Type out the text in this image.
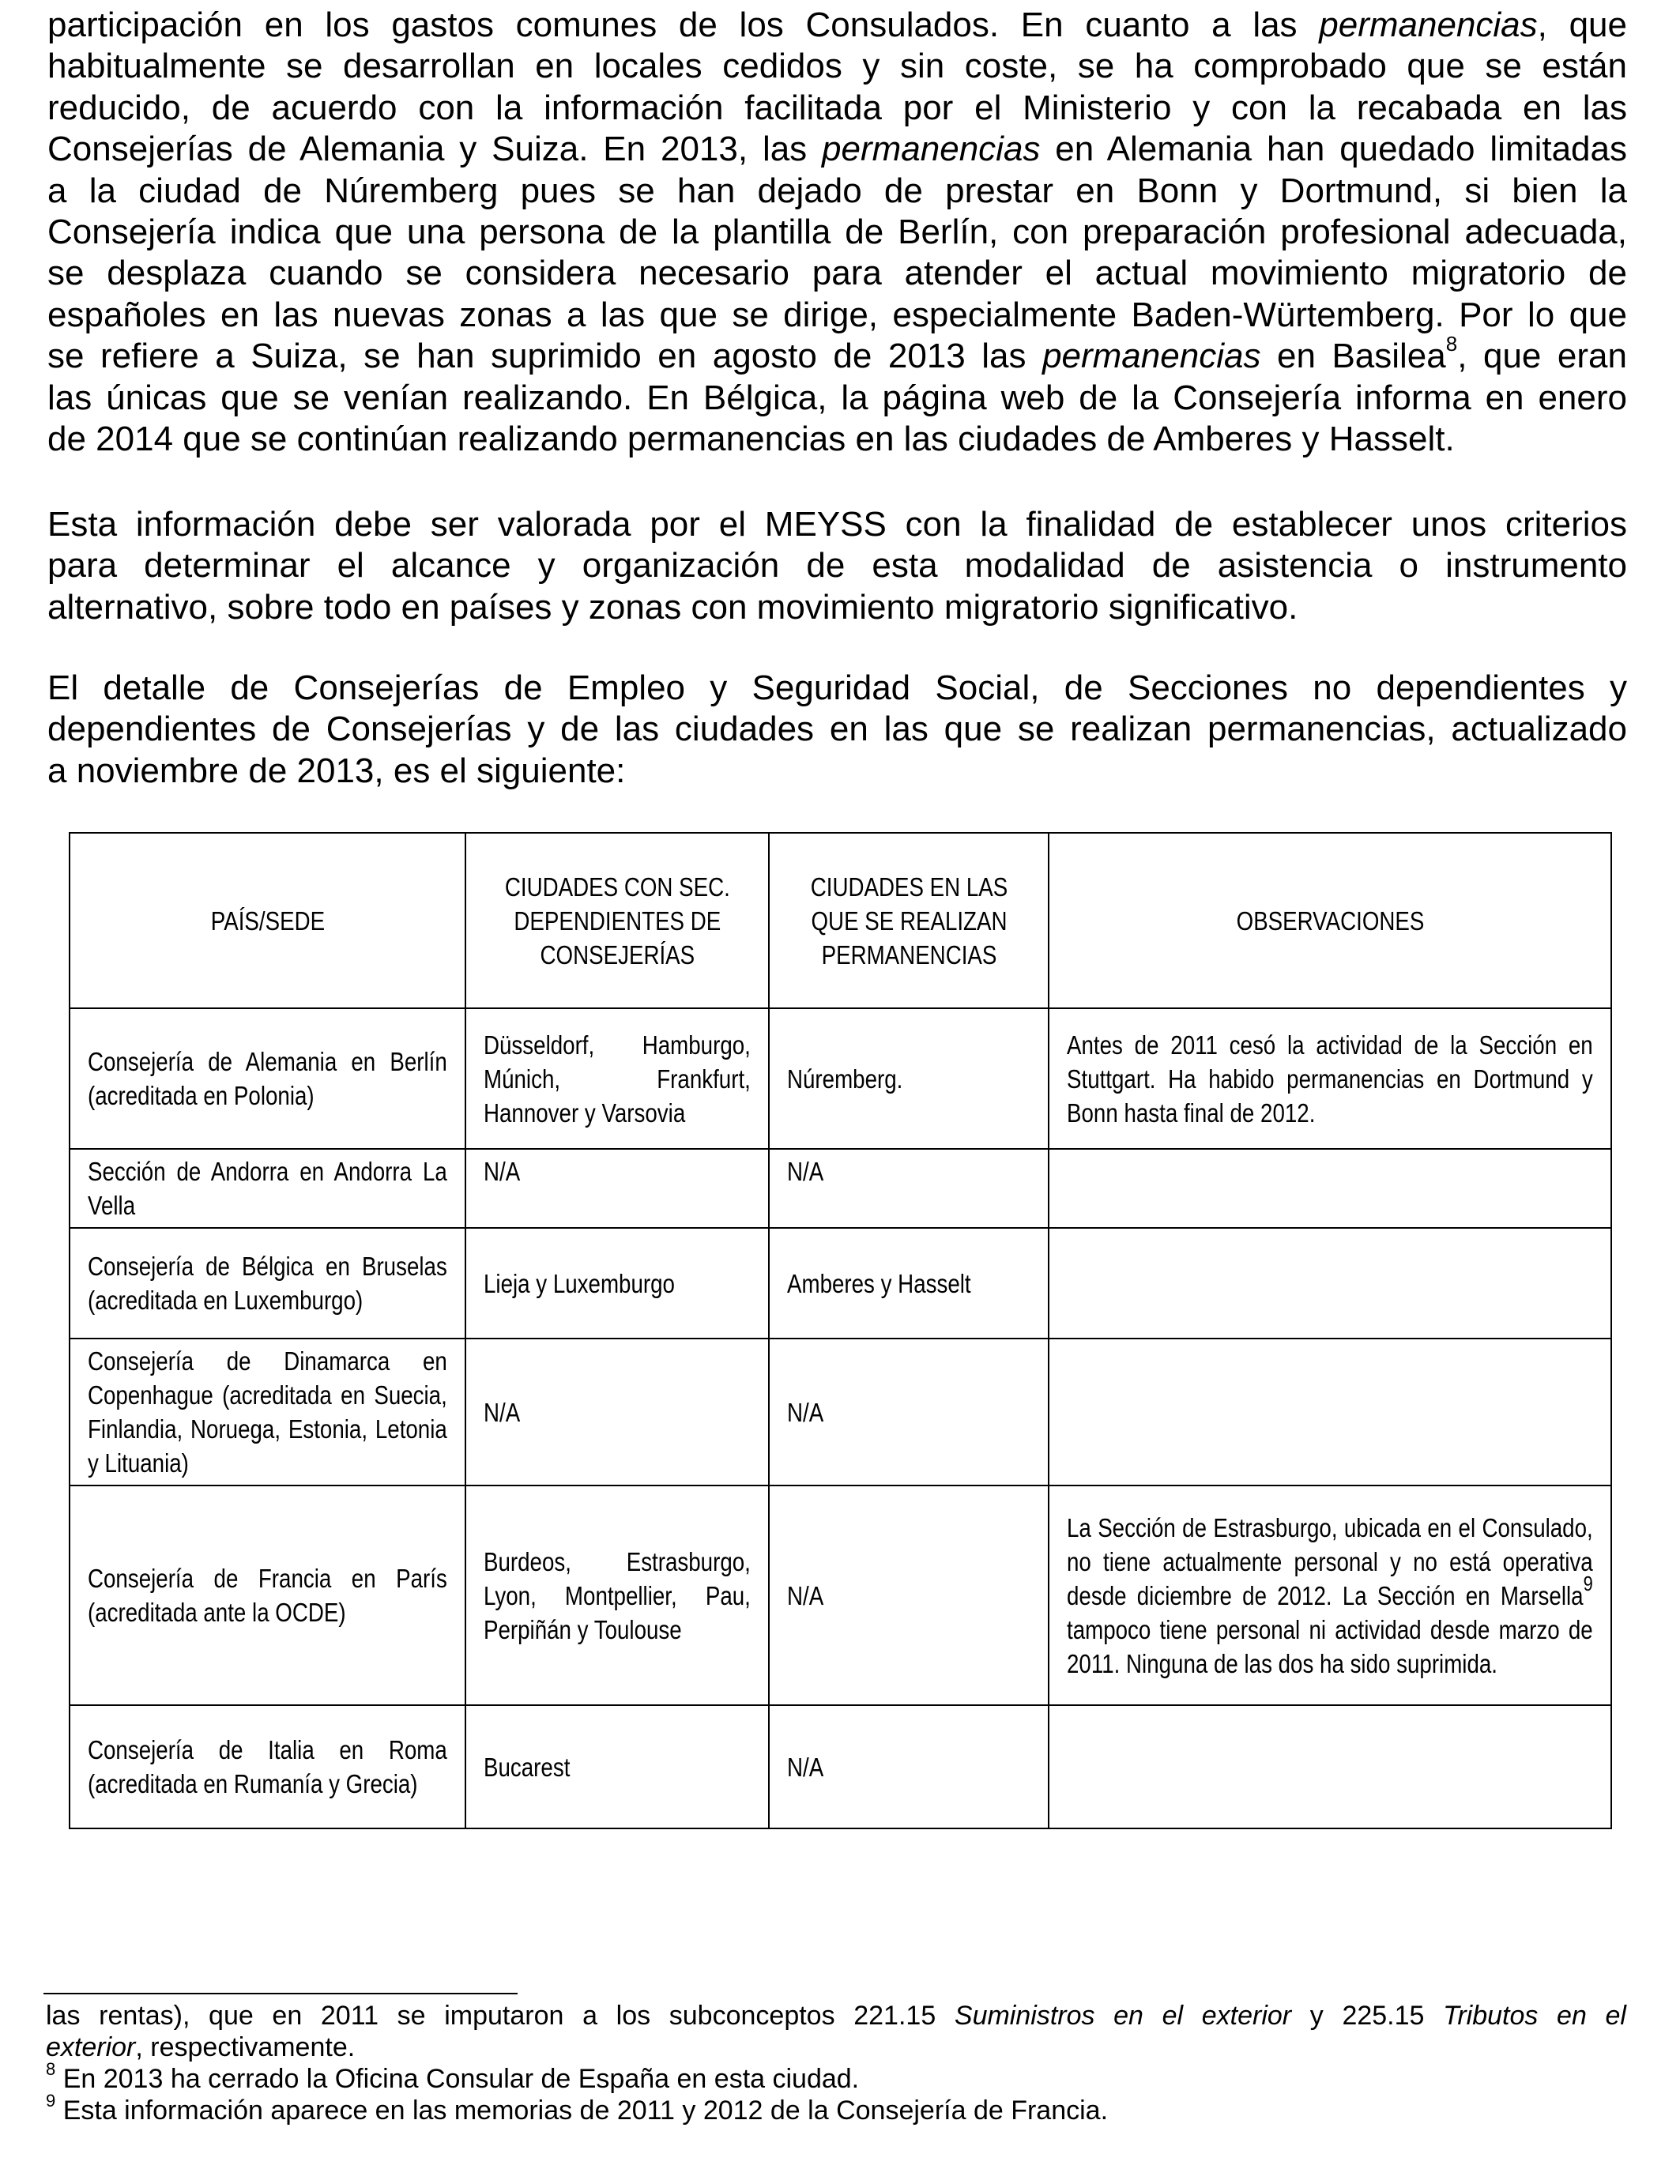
participación en los gastos comunes de los Consulados. En cuanto a las permanencias, que
habitualmente se desarrollan en locales cedidos y sin coste, se ha comprobado que se están
reducido, de acuerdo con la información facilitada por el Ministerio y con la recabada en las
Consejerías de Alemania y Suiza. En 2013, las permanencias en Alemania han quedado limitadas
a la ciudad de Núremberg pues se han dejado de prestar en Bonn y Dortmund, si bien la
Consejería indica que una persona de la plantilla de Berlín, con preparación profesional adecuada,
se desplaza cuando se considera necesario para atender el actual movimiento migratorio de
españoles en las nuevas zonas a las que se dirige, especialmente Baden-Würtemberg. Por lo que
se refiere a Suiza, se han suprimido en agosto de 2013 las permanencias en Basilea$^8$, que eran
las únicas que se venían realizando. En Bélgica, la página web de la Consejería informa en enero
de 2014 que se continúan realizando permanencias en las ciudades de Amberes y Hasselt.
Esta información debe ser valorada por el MEYSS con la finalidad de establecer unos criterios
para determinar el alcance y organización de esta modalidad de asistencia o instrumento
alternativo, sobre todo en países y zonas con movimiento migratorio significativo.
El detalle de Consejerías de Empleo y Seguridad Social, de Secciones no dependientes y
dependientes de Consejerías y de las ciudades en las que se realizan permanencias, actualizado
a noviembre de 2013, es el siguiente:
PAÍS/SEDE	CIUDADES CON SEC. DEPENDIENTES DE CONSEJERÍAS	CIUDADES EN LAS QUE SE REALIZAN PERMANENCIAS	OBSERVACIONES
Consejería de Alemania en Berlín (acreditada en Polonia)	Düsseldorf, Hamburgo, Múnich, Frankfurt, Hannover y Varsovia	Núremberg.	Antes de 2011 cesó la actividad de la Sección en Stuttgart. Ha habido permanencias en Dortmund y Bonn hasta final de 2012.
Sección de Andorra en Andorra La Vella	N/A	N/A	
Consejería de Bélgica en Bruselas (acreditada en Luxemburgo)	Lieja y Luxemburgo	Amberes y Hasselt	
Consejería de Dinamarca en Copenhague (acreditada en Suecia, Finlandia, Noruega, Estonia, Letonia y Lituania)	N/A	N/A	
Consejería de Francia en París (acreditada ante la OCDE)	Burdeos, Estrasburgo, Lyon, Montpellier, Pau, Perpiñán y Toulouse	N/A	La Sección de Estrasburgo, ubicada en el Consulado, no tiene actualmente personal y no está operativa desde diciembre de 2012. La Sección en Marsella$^9$ tampoco tiene personal ni actividad desde marzo de 2011. Ninguna de las dos ha sido suprimida.
Consejería de Italia en Roma (acreditada en Rumanía y Grecia)	Bucarest	N/A	
las rentas), que en 2011 se imputaron a los subconceptos 221.15 Suministros en el exterior y 225.15 Tributos en el
exterior, respectivamente.
$^8$ En 2013 ha cerrado la Oficina Consular de España en esta ciudad.
$^9$ Esta información aparece en las memorias de 2011 y 2012 de la Consejería de Francia.
